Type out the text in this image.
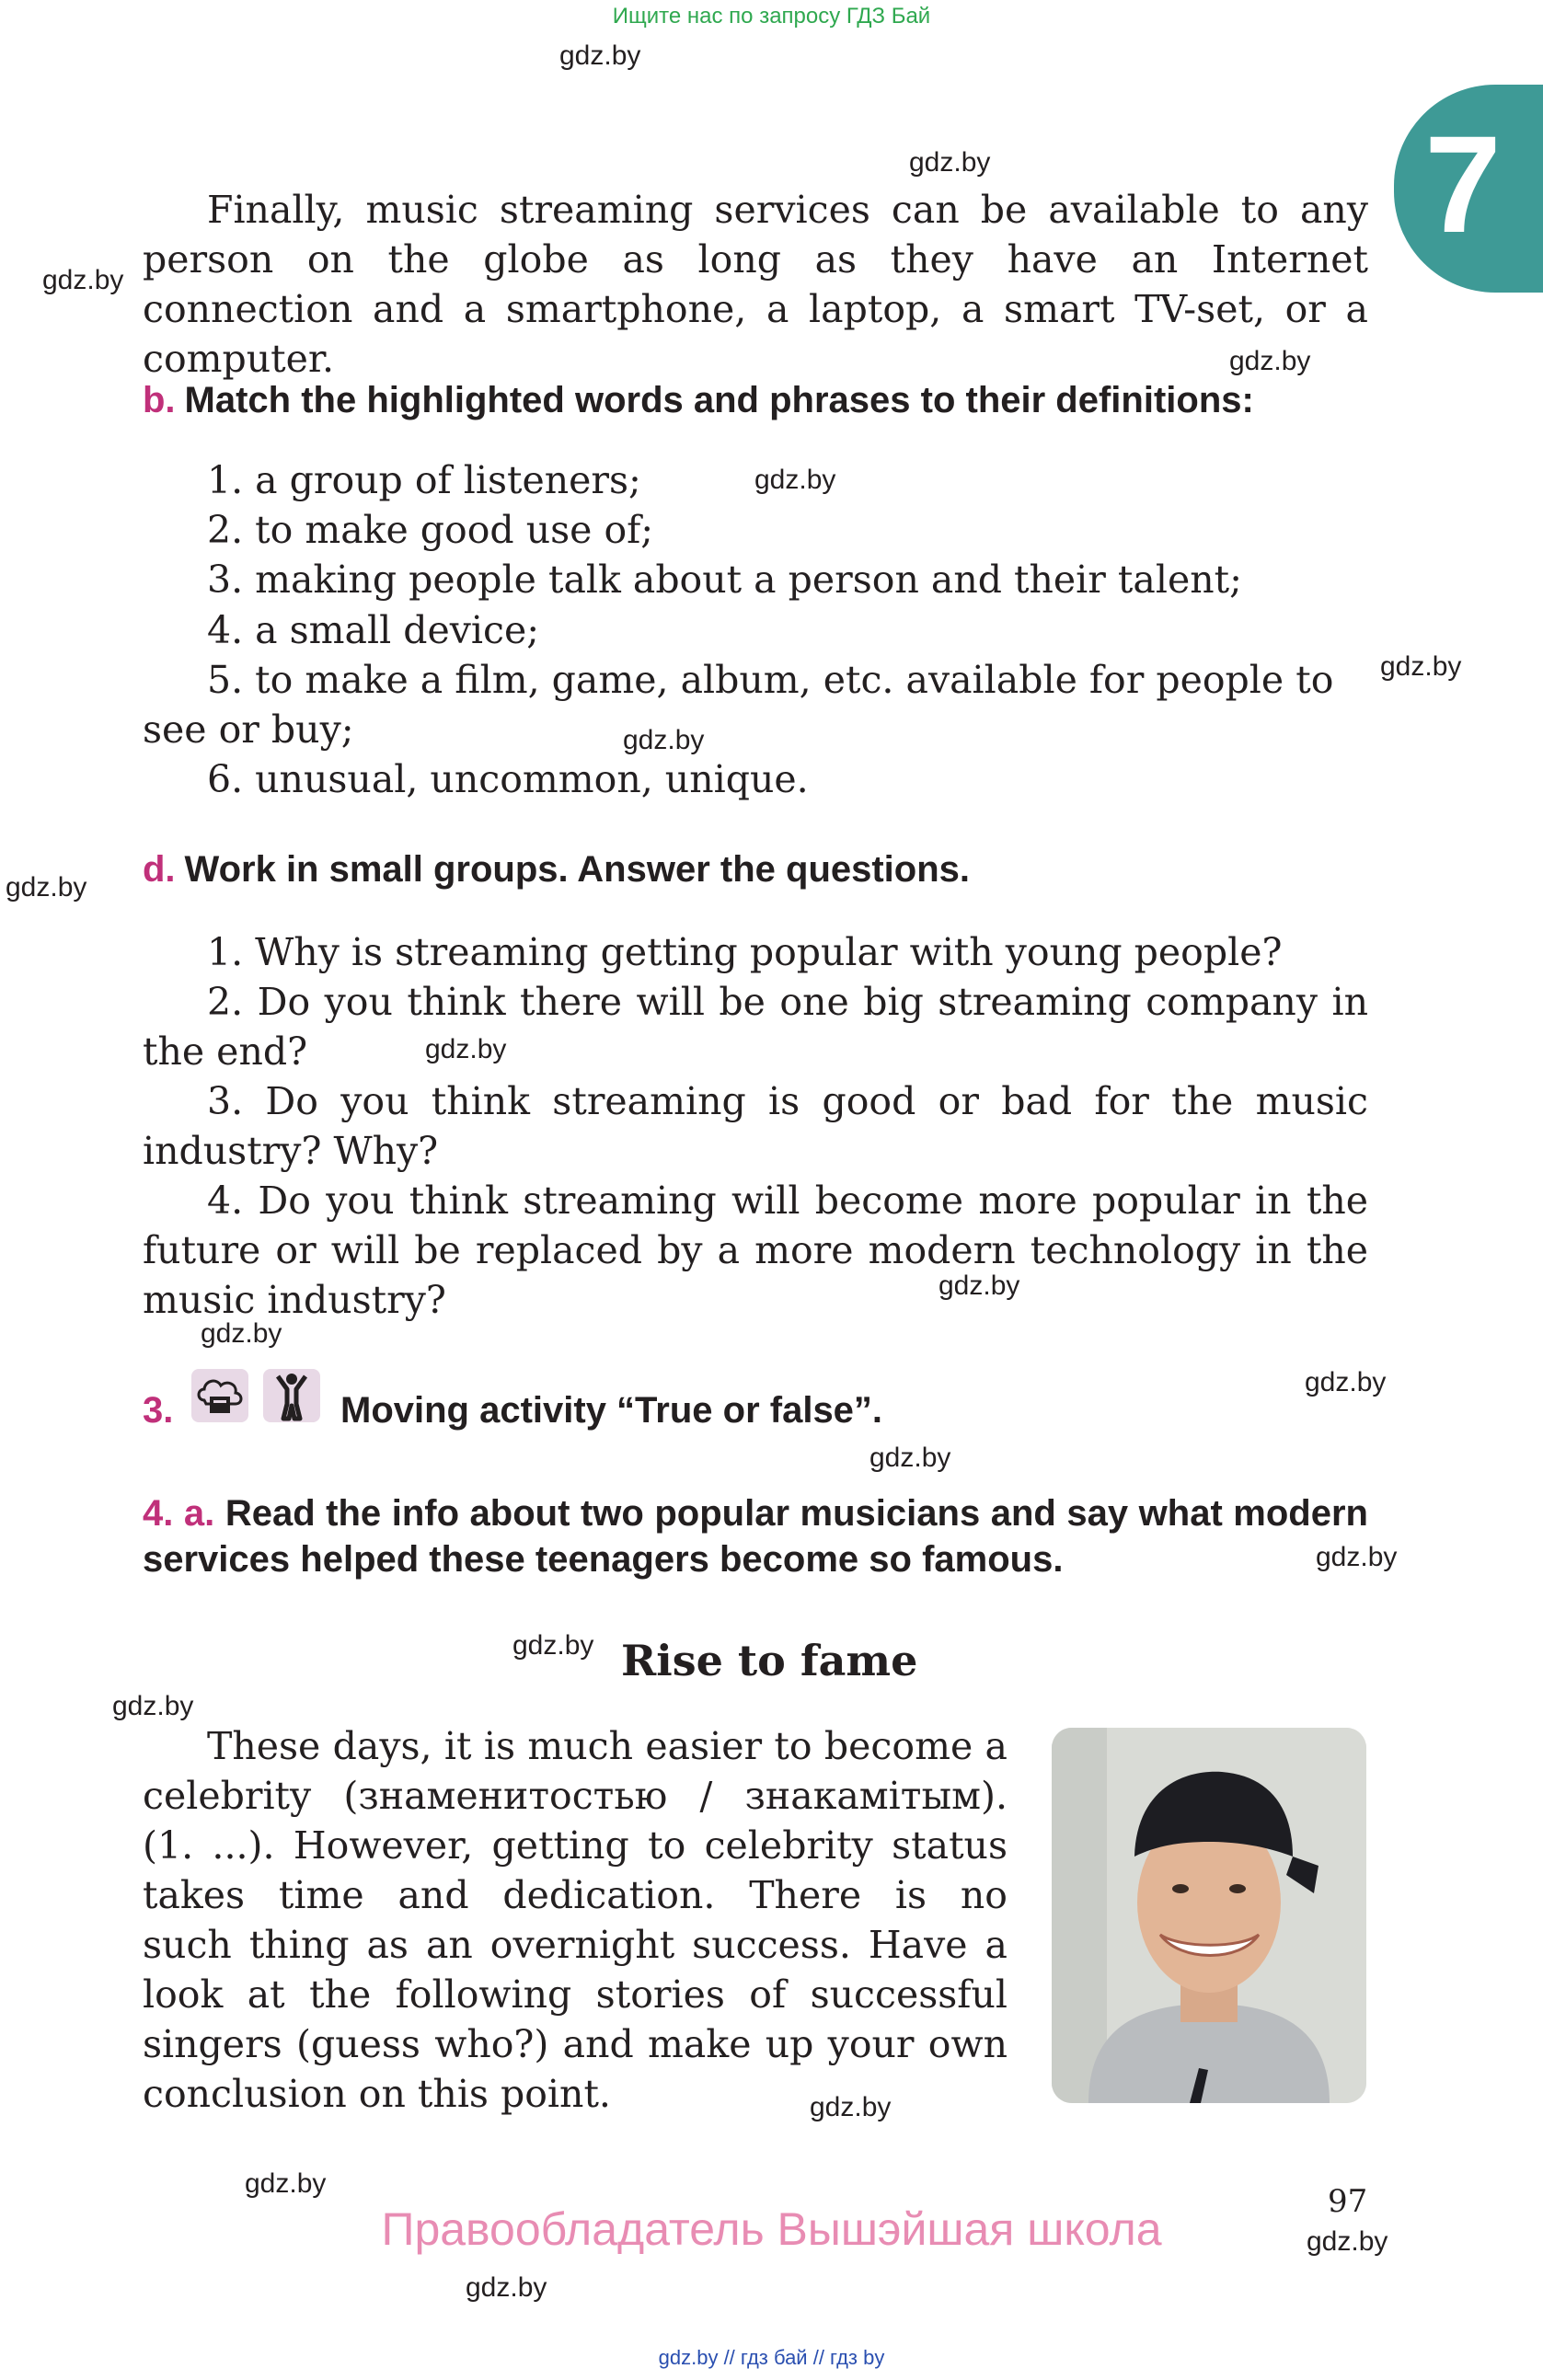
Ищите нас по запросу ГДЗ Бай
gdz.by
gdz.by
gdz.by
gdz.by
gdz.by
gdz.by
gdz.by
gdz.by
gdz.by
gdz.by
gdz.by
gdz.by
gdz.by
gdz.by
gdz.by
gdz.by
gdz.by
gdz.by
gdz.by
gdz.by
7
Finally, music streaming services can be available to any person on the globe as long as they have an Internet connection and a smartphone, a laptop, a smart TV-set, or a computer.
b. Match the highlighted words and phrases to their definitions:
1. a group of listeners;
2. to make good use of;
3. making people talk about a person and their talent;
4. a small device;
5. to make a film, game, album, etc. available for people to
see or buy;
6. unusual, uncommon, unique.
d. Work in small groups. Answer the questions.
1. Why is streaming getting popular with young people?
2. Do you think there will be one big streaming company in the end?
3. Do you think streaming is good or bad for the music industry? Why?
4. Do you think streaming will become more popular in the future or will be replaced by a more modern technology in the music industry?
3.	Moving activity “True or false”.
4. a. Read the info about two popular musicians and say what modern services helped these teenagers become so famous.
Rise to fame
These days, it is much easier to become a
celebrity (знаменитостью / знакамітым).
(1. ...). However, getting to celebrity status
takes time and dedication. There is no
such thing as an overnight success. Have a
look at the following stories of successful
singers (guess who?) and make up your own
conclusion on this point.
97
Правообладатель Вышэйшая школа
gdz.by // гдз бай // гдз by
